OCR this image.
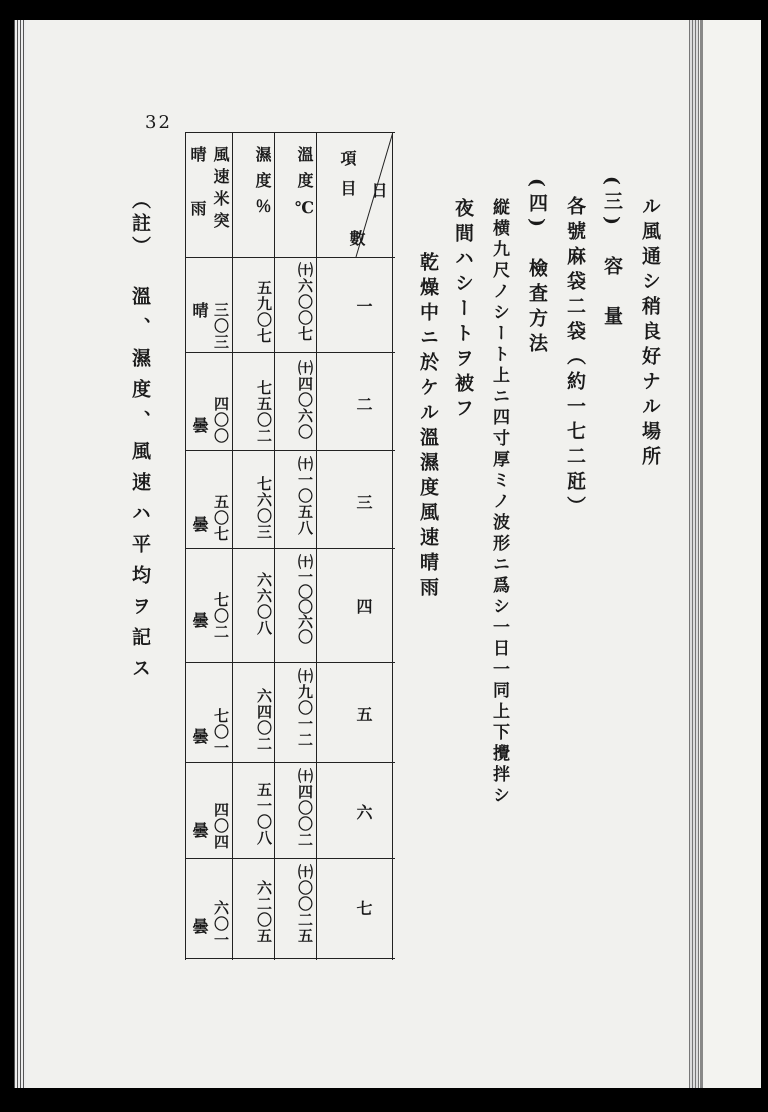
32
ル風通シ稍良好ナル場所
(三)　容　量
各號麻袋二袋（約一七二瓩）
(四)　檢査方法
縦横九尺ノシート上ニ四寸厚ミノ波形ニ爲シ一日一同上下攪拌シ
夜間ハシートヲ被フ
乾燥中ニ於ケル溫濕度風速晴雨
日
項目
數
溫度℃
濕度％
風速米突
晴雨
一
㈩六〇〇七
五九〇七
三〇三
晴
二
㈩四〇六〇
七五〇二
四〇〇
曇
三
㈩一〇五八
七六〇三
五〇七
曇
四
㈩一〇〇六〇
六六〇八
七〇二
曇
五
㈩九〇一二
六四〇二
七〇一
曇
六
㈩四〇〇二
五一〇八
四〇四
曇
七
㈩〇〇二五
六二〇五
六〇一
曇
（註）
溫、濕度、風速ハ平均ヲ記ス
